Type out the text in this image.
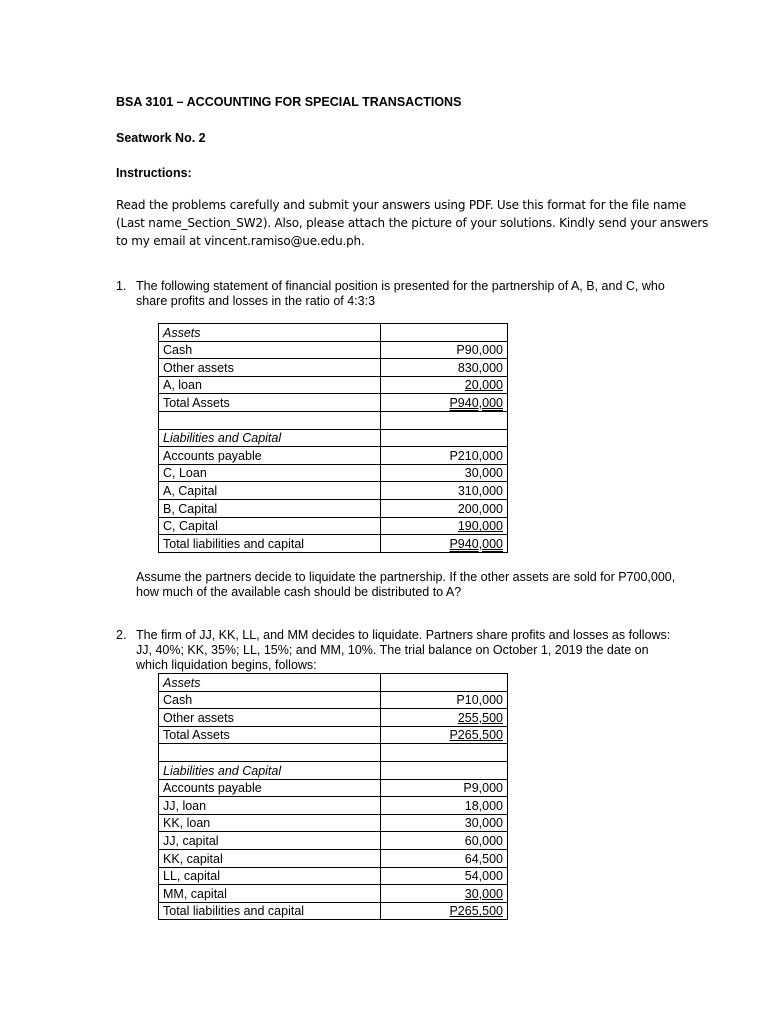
BSA 3101 – ACCOUNTING FOR SPECIAL TRANSACTIONS
Seatwork No. 2
Instructions:
Read the problems carefully and submit your answers using PDF. Use this format for the file name
(Last name_Section_SW2). Also, please attach the picture of your solutions. Kindly send your answers
to my email at vincent.ramiso@ue.edu.ph.
1. The following statement of financial position is presented for the partnership of A, B, and C, who
share profits and losses in the ratio of 4:3:3
Assets	
Cash	P90,000
Other assets	830,000
A, loan	20,000
Total Assets	P940,000

Liabilities and Capital	
Accounts payable	P210,000
C, Loan	30,000
A, Capital	310,000
B, Capital	200,000
C, Capital	190,000
Total liabilities and capital	P940,000
Assume the partners decide to liquidate the partnership. If the other assets are sold for P700,000,
how much of the available cash should be distributed to A?
2. The firm of JJ, KK, LL, and MM decides to liquidate. Partners share profits and losses as follows:
JJ, 40%; KK, 35%; LL, 15%; and MM, 10%. The trial balance on October 1, 2019 the date on
which liquidation begins, follows:
Assets	
Cash	P10,000
Other assets	255,500
Total Assets	P265,500

Liabilities and Capital	
Accounts payable	P9,000
JJ, loan	18,000
KK, loan	30,000
JJ, capital	60,000
KK, capital	64,500
LL, capital	54,000
MM, capital	30,000
Total liabilities and capital	P265,500
